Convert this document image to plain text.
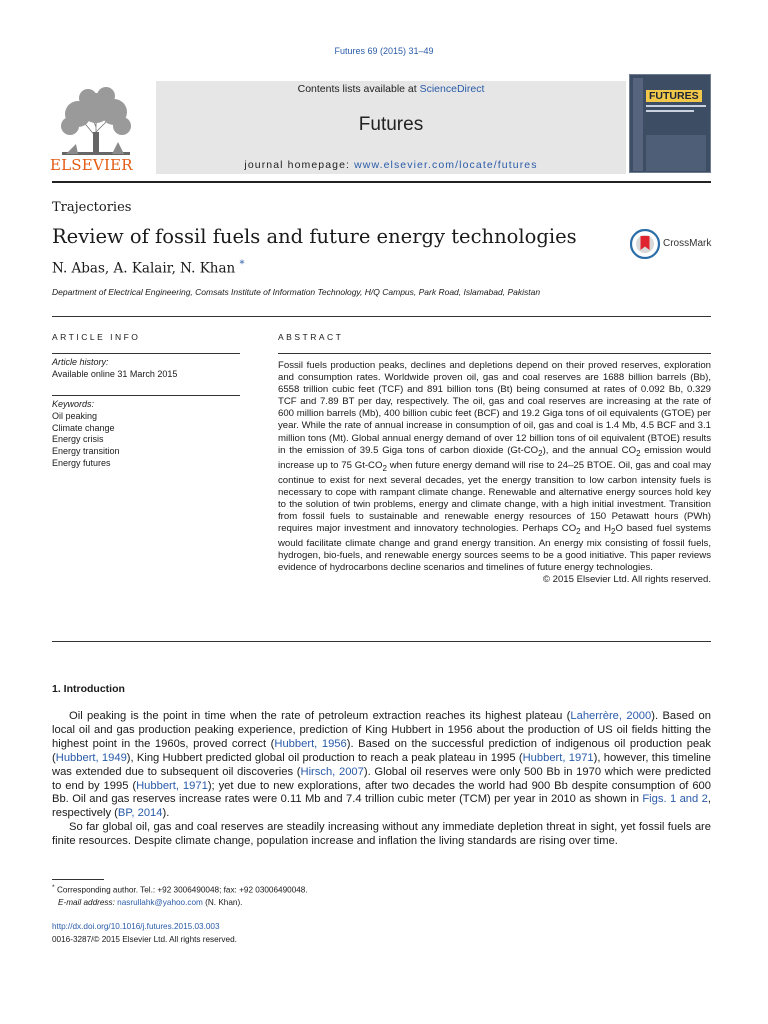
Futures 69 (2015) 31–49
ELSEVIER
Contents lists available at ScienceDirect
Futures
journal homepage: www.elsevier.com/locate/futures
FUTURES
Trajectories
Review of fossil fuels and future energy technologies	CrossMark
N. Abas, A. Kalair, N. Khan *
Department of Electrical Engineering, Comsats Institute of Information Technology, H/Q Campus, Park Road, Islamabad, Pakistan
ARTICLE INFO
Article history:
Available online 31 March 2015
Keywords:
Oil peaking
Climate change
Energy crisis
Energy transition
Energy futures
ABSTRACT
Fossil fuels production peaks, declines and depletions depend on their proved reserves, exploration and consumption rates. Worldwide proven oil, gas and coal reserves are 1688 billion barrels (Bb), 6558 trillion cubic feet (TCF) and 891 billion tons (Bt) being consumed at rates of 0.092 Bb, 0.329 TCF and 7.89 BT per day, respectively. The oil, gas and coal reserves are increasing at the rate of 600 million barrels (Mb), 400 billion cubic feet (BCF) and 19.2 Giga tons of oil equivalents (GTOE) per year. While the rate of annual increase in consumption of oil, gas and coal is 1.4 Mb, 4.5 BCF and 3.1 million tons (Mt). Global annual energy demand of over 12 billion tons of oil equivalent (BTOE) results in the emission of 39.5 Giga tons of carbon dioxide $(Gt-CO_2)$, and the annual $CO_2$ emission would increase up to 75 $Gt-CO_2$ when future energy demand will rise to 24–25 BTOE. Oil, gas and coal may continue to exist for next several decades, yet the energy transition to low carbon intensity fuels is necessary to cope with rampant climate change. Renewable and alternative energy sources hold key to the solution of twin problems, energy and climate change, with a high initial investment. Transition from fossil fuels to sustainable and renewable energy resources of 150 Petawatt hours (PWh) requires major investment and innovatory technologies. Perhaps $CO_2$ and $H_2O$ based fuel systems would facilitate climate change and grand energy transition. An energy mix consisting of fossil fuels, hydrogen, bio-fuels, and renewable energy sources seems to be a good initiative. This paper reviews evidence of hydrocarbons decline scenarios and timelines of future energy technologies.
© 2015 Elsevier Ltd. All rights reserved.
1. Introduction

Oil peaking is the point in time when the rate of petroleum extraction reaches its highest plateau (Laherrère, 2000). Based on local oil and gas production peaking experience, prediction of King Hubbert in 1956 about the production of US oil fields hitting the highest point in the 1960s, proved correct (Hubbert, 1956). Based on the successful prediction of indigenous oil production peak (Hubbert, 1949), King Hubbert predicted global oil production to reach a peak plateau in 1995 (Hubbert, 1971), however, this timeline was extended due to subsequent oil discoveries (Hirsch, 2007). Global oil reserves were only 500 Bb in 1970 which were predicted to end by 1995 (Hubbert, 1971); yet due to new explorations, after two decades the world had 900 Bb despite consumption of 600 Bb. Oil and gas reserves increase rates were 0.11 Mb and 7.4 trillion cubic meter (TCM) per year in 2010 as shown in Figs. 1 and 2, respectively (BP, 2014).

So far global oil, gas and coal reserves are steadily increasing without any immediate depletion threat in sight, yet fossil fuels are finite resources. Despite climate change, population increase and inflation the living standards are rising over time.

* Corresponding author. Tel.: +92 3006490048; fax: +92 03006490048.
E-mail address: nasrullahk@yahoo.com (N. Khan).
http://dx.doi.org/10.1016/j.futures.2015.03.003
0016-3287/© 2015 Elsevier Ltd. All rights reserved.
